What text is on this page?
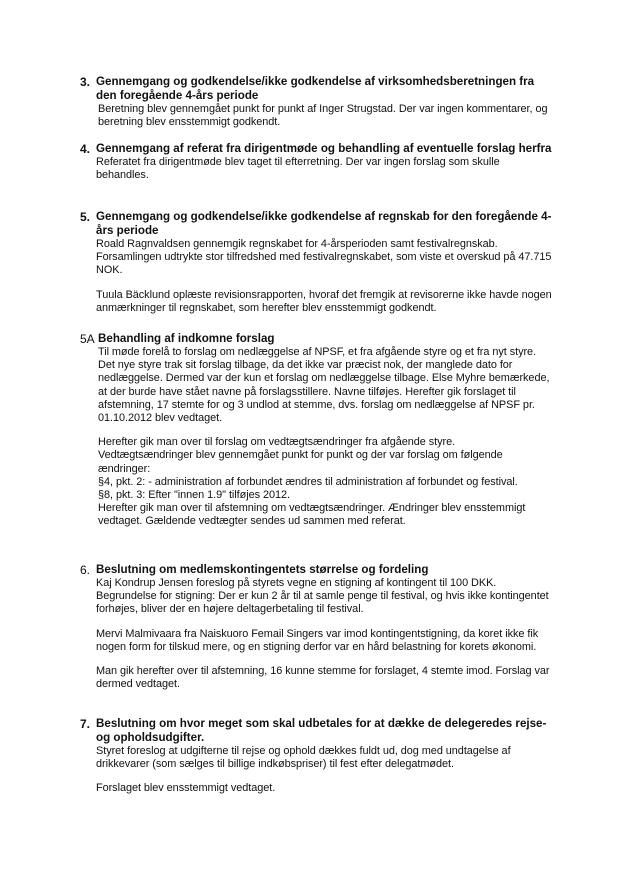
3. Gennemgang og godkendelse/ikke godkendelse af virksomhedsberetningen fra den foregående 4-års periode

Beretning blev gennemgået punkt for punkt af Inger Strugstad. Der var ingen kommentarer, og beretning blev ensstemmigt godkendt.

4. Gennemgang af referat fra dirigentmøde og behandling af eventuelle forslag herfra

Referatet fra dirigentmøde blev taget til efterretning. Der var ingen forslag som skulle behandles.

5. Gennemgang og godkendelse/ikke godkendelse af regnskab for den foregående 4-års periode

Roald Ragnvaldsen gennemgik regnskabet for 4-årsperioden samt festivalregnskab. Forsamlingen udtrykte stor tilfredshed med festivalregnskabet, som viste et overskud på 47.715 NOK.

Tuula Bäcklund oplæste revisionsrapporten, hvoraf det fremgik at revisorerne ikke havde nogen anmærkninger til regnskabet, som herefter blev ensstemmigt godkendt.

5A Behandling af indkomne forslag

Til møde forelå to forslag om nedlæggelse af NPSF, et fra afgående styre og et fra nyt styre. Det nye styre trak sit forslag tilbage, da det ikke var præcist nok, der manglede dato for nedlæggelse. Dermed var der kun et forslag om nedlæggelse tilbage. Else Myhre bemærkede, at der burde have stået navne på forslagsstillere. Navne tilføjes. Herefter gik forslaget til afstemning, 17 stemte for og 3 undlod at stemme, dvs. forslag om nedlæggelse af NPSF pr. 01.10.2012 blev vedtaget.

Herefter gik man over til forslag om vedtægtsændringer fra afgående styre. Vedtægtsændringer blev gennemgået punkt for punkt og der var forslag om følgende ændringer:

§4, pkt. 2: - administration af forbundet ændres til administration af forbundet og festival.

§8, pkt. 3: Efter "innen 1.9" tilføjes 2012.

Herefter gik man over til afstemning om vedtægtsændringer. Ændringer blev ensstemmigt vedtaget. Gældende vedtægter sendes ud sammen med referat.

6. Beslutning om medlemskontingentets størrelse og fordeling

Kaj Kondrup Jensen foreslog på styrets vegne en stigning af kontingent til 100 DKK. Begrundelse for stigning: Der er kun 2 år til at samle penge til festival, og hvis ikke kontingentet forhøjes, bliver der en højere deltagerbetaling til festival.

Mervi Malmivaara fra Naiskuoro Femail Singers var imod kontingentstigning, da koret ikke fik nogen form for tilskud mere, og en stigning derfor var en hård belastning for korets økonomi.

Man gik herefter over til afstemning, 16 kunne stemme for forslaget, 4 stemte imod. Forslag var dermed vedtaget.

7. Beslutning om hvor meget som skal udbetales for at dække de delegeredes rejse- og opholdsudgifter.

Styret foreslog at udgifterne til rejse og ophold dækkes fuldt ud, dog med undtagelse af drikkevarer (som sælges til billige indkøbspriser) til fest efter delegatmødet.

Forslaget blev ensstemmigt vedtaget.
